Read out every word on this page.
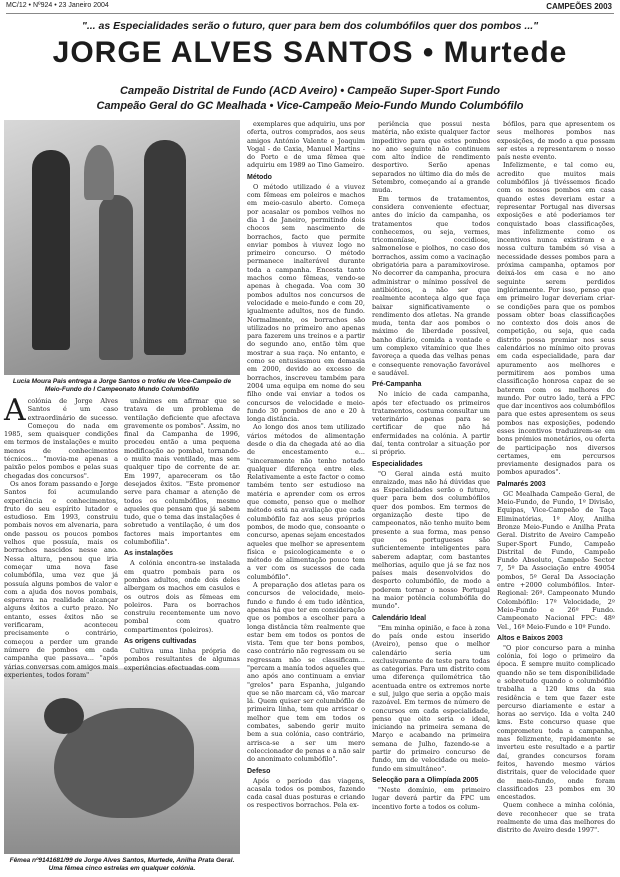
MC/12 • Nº924 • 23 Janeiro 2004	CAMPEÕES 2003
"... as Especialidades serão o futuro, quer para bem dos columbófilos quer dos pombos ..."
JORGE ALVES SANTOS • Murtede
Campeão Distrital de Fundo (ACD Aveiro) • Campeão Super-Sport Fundo
Campeão Geral do GC Mealhada • Vice-Campeão Meio-Fundo Mundo Columbófilo
Lucia Moura Pais entrega a Jorge Santos o troféu de Vice-Campeão de Meio-Fundo do I Campeonato Mundo Columbófilo
Fêmea nº9141681/99 de Jorge Alves Santos, Murtede, Anilha Prata Geral. Uma fêmea cinco estrelas em qualquer colónia.

Acolónia de Jorge Alves Santos é um caso extraordinário de sucesso. Começou do nada em 1985, sem quaisquer condições em termos de instalações e muito menos de conhecimentos técnicos... "movia-me apenas a paixão pelos pombos e pelas suas chegadas dos concursos".

Os anos foram passando e Jorge Santos foi acumulando experiência e conhecimentos, fruto do seu espírito lutador e estudioso. Em 1993, construiu pombais novos em alvenaria, para onde passou os poucos pombos velhos que possuía, mais os borrachos nascidos nesse ano. Nessa altura, pensou que iria começar uma nova fase columbófila, uma vez que já possuía alguns pombos de valor e com a ajuda dos novos pombais, esperava na realidade alcançar alguns êxitos a curto prazo. No entanto, esses êxitos não se verificaram, aconteceu precisamente o contrário, começou a perder um grande número de pombos em cada campanha que passava... "após várias conversas com amigos mais experientes, todos foram"

unânimes em afirmar que se tratava de um problema de ventilação deficiente que afectava gravemente os pombos". Assim, no final da Campanha de 1996, procedeu então a uma pequena modificação ao pombal, tornando-o muito mais ventilado, mas sem qualquer tipo de corrente de ar. Em 1997, apareceram os tão desejados êxitos. "Este promenor serve para chamar a atenção de todos os columbófilos, mesmo aqueles que pensam que já sabem tudo, que o tema das instalações é sobretudo a ventilação, é um dos factores mais importantes em columbofilia".

As instalações

A colónia encontra-se instalada em quatro pombais para os pombos adultos, onde dois deles albergam os machos em casulos e os outros dois as fêmeas em poleiros. Para os borrachos construiu recentemente um novo pombal com quatro compartimentos (poleiros).

As origens cultivadas

Cultiva uma linha própria de pombos resultantes de algumas experiências efectuadas com

exemplares que adquiriu, uns por oferta, outros comprados, aos seus amigos António Valente e Joaquim Vogal - de Caxia, Manuel Martins - do Porto e de uma fêmea que adquiriu em 1989 ao Tino Gameiro.

Método

O método utilizado é a viuvez com fêmeas em poleiros e machos em meio-casulo aberto. Começa por acasalar os pombos velhos no dia 1 de Janeiro, permitindo dois chocos sem nascimento de borrachos, facto que permite enviar pombos à viuvez logo no primeiro concurso. O método permanece inalterável durante toda a campanha. Encesta tanto machos como fêmeas, vendo-se apenas à chegada. Voa com 30 pombos adultos nos concursos de velocidade e meio-fundo e com 20, igualmente adultos, nos de fundo. Normalmente, os borrachos são utilizados no primeiro ano apenas para fazerem uns treinos e a partir do segundo ano, então têm que mostrar a sua raça. No entanto, e como se entusiasmou em demasia em 2000, devido ao excesso de borrachos, inscreveu também para 2004 uma equipa em nome do seu filho onde vai enviar a todos os concursos de velocidade e meio-fundo 30 pombos de ano e 20 à longa distância.

Ao longo dos anos tem utilizado vários métodos de alimentação desde o dia da chegada até ao dia de encestamento e... "sinceramente não tenho notado qualquer diferença entre eles. Relativamente a este factor o como também tento ser estudioso na matéria e aprender com os erros que cometo, penso que o melhor método está na avaliação que cada columbófilo faz aos seus próprios pombos, de modo que, consoante o concurso, apenas sejam encestados aqueles que melhor se apresentem física e psicologicamente e o método de alimentação pouco tem a ver com os sucessos de cada columbófilo".

A preparação dos atletas para os concursos de velocidade, meio-fundo e fundo é em tudo idêntica, apenas há que ter em consideração que os pombos a escolher para a longa distância têm realmente que estar bem em todos os pontos de vista. Tem que ter bons pombos, caso contrário não regressam ou se regressam não se classificam... "percam a manía todos aqueles que ano após ano continuam a enviar "grelos" para Espanha, julgando que se não marcam cá, vão marcar lá. Quem quiser ser columbófilo de primeira linha, tem que arriscar o melhor que tem em todos os combates, sabendo gerir muito bem a sua colónia, caso contrário, arrisca-se a ser um mero coleccionador de penas e a não sair do anonimato columbófilo".

Defeso

Após o período das viagens, acasala todos os pombos, fazendo cada casal duas posturas e criando os respectivos borrachos. Pela ex-

periência que possui nesta matéria, não existe qualquer factor impeditivo para que estes pombos no ano seguinte não continuem com alto índice de rendimento desportivo. Serão apenas separados no último dia do mês de Setembro, começando aí a grande muda.

Em termos de tratamentos, considera conveniente efectuar, antes do início da campanha, os tratamentos que todos conhecemos, ou seja, vermes, tricomoníase, coccidiose, salmonelose e piolhos, no caso dos borrachos, assim como a vacinação obrigatória para a paramixovirose. No decorrer da campanha, procura administrar o mínimo possível de antibióticos, a não ser que realmente aconteça algo que faça baixar significativamente o rendimento dos atletas. Na grande muda, tenta dar aos pombos o máximo de liberdade possível, banho diário, comida a vontade e um complexo vitamínico que lhes favoreça a queda das velhas penas e consequente renovação favorável e saudável.

Pré-Campanha

No início de cada campanha, após ter efectuado os primeiros tratamentos, costuma consultar um veterinário apenas para se certificar de que não há enfermidades na colónia. A partir daí, tenta controlar a situação por si próprio.

Especialidades

"O Geral ainda está muito enraizado, mas não há dúvidas que as Especialidades serão o futuro, quer para bem dos columbófilos quer dos pombos. Em termos de organização deste tipo de campeonatos, não tenho muito bem presente a sua forma, mas penso que os portugueses são suficientemente inteligentes para saberem adaptar, com bastantes melhorias, aquilo que já se faz nos países mais desenvolvidos do desporto columbófilo, de modo a poderem tornar o nosso Portugal na maior potência columbófila do mundo".

Calendário Ideal

"Em minha opinião, e face à zona do país onde estou inserido (Aveiro), penso que o melhor calendário seria um exclusivamente de teste para todas as categorias. Para um distrito com uma diferença quilométrica tão acentuada entre os extremos norte e sul, julgo que seria a opção mais razoável. Em termos de número de concursos em cada especialidade, penso que oito seria o ideal, iniciando na primeira semana de Março e acabando na primeira semana de Julho, fazendo-se a partir do primeiro concurso de fundo, um de velocidade ou meio-fundo em simultâneo".

Selecção para a Olimpíada 2005

"Neste domínio, em primeiro lugar deverá partir da FPC um incentivo forte a todos os colum-

bófilos, para que apresentem os seus melhores pombos nas exposições, de modo a que possam ser estes a representarem o nosso país neste evento.

Infelizmente, e tal como eu, acredito que muitos mais columbófilos já tivéssemos ficado com os nossos pombos em casa quando estes deveriam estar a representar Portugal nas diversas exposições e até poderiamos ter conquistado boas classificações, mas infelizmente como os incentivos nunca existiram e a nossa cultura também só visa a necessidade desses pombos para a próxima campanha, optamos por deixá-los em casa e no ano seguinte serem perdidos inglóriamente. Por isso, penso que em primeiro lugar deveriam criar-se condições para que os pombos possam obter boas classificações no contexto dos dois anos de competição, ou seja, que cada distrito possa premiar nos seus calendários no mínimo oito provas em cada especialidade, para dar apuramento aos melhores e permitirem aos pombos uma classificação honrosa capaz de se baterem com os melhores do mundo. Por outro lado, terá a FPC que dar incentivos aos columbófilos para que estes apresentem os seus pombos nas exposições, podendo esses incentivos traduzirem-se em bons prémios monetários, ou oferta de participação nos diversos certames, em percursos previamente designados para os pombos apurados".

Palmarés 2003

GC Mealhada Campeão Geral, de Meio-Fundo, de Fundo, 1º Divisão, Equipas, Vice-Campeão de Taça Eliminatórias, 1º Aloy, Anilha Bronze Meio-Fundo e Anilha Prata Geral. Distrito de Aveiro Campeão Super-Sport Fundo, Campeão Distrital de Fundo, Campeão Fundo Absoluto, Campeão Sector 7, 5º Da Associação entre 49054 pombos, 5º Geral Da Associação entre +2000 columbófilos. Inter-Regional: 26º. Campeonato Mundo Colombófilo: 17º Velocidade, 2º Meio-Fundo e 26º Fundo. Campeonato Nacional FPC: 48º Vel., 16º Meio-Fundo e 10º Fundo.

Altos e Baixos 2003

"O pior concurso para a minha colónia, foi logo o primeiro da época. É sempre muito complicado quando não se tem disponibilidade e sobretudo quando o columbófilo trabalha a 120 kms da sua residência e tem que fazer este percurso diariamente e estar a horas ao serviço. Ida e volta 240 kms. Este concurso quase que comprometeu toda a campanha, mas felizmente, rapidamente se inverteu este resultado e a partir daí, grandes concursos foram feitos, havendo mesmo vários distritais, quer de velocidade quer de meio-fundo, onde foram classificados 23 pombos em 30 encestados.

Quem conhece a minha colónia, deve reconhecer que se trata realmente de uma das melhores do distrito de Aveiro desde 1997".
